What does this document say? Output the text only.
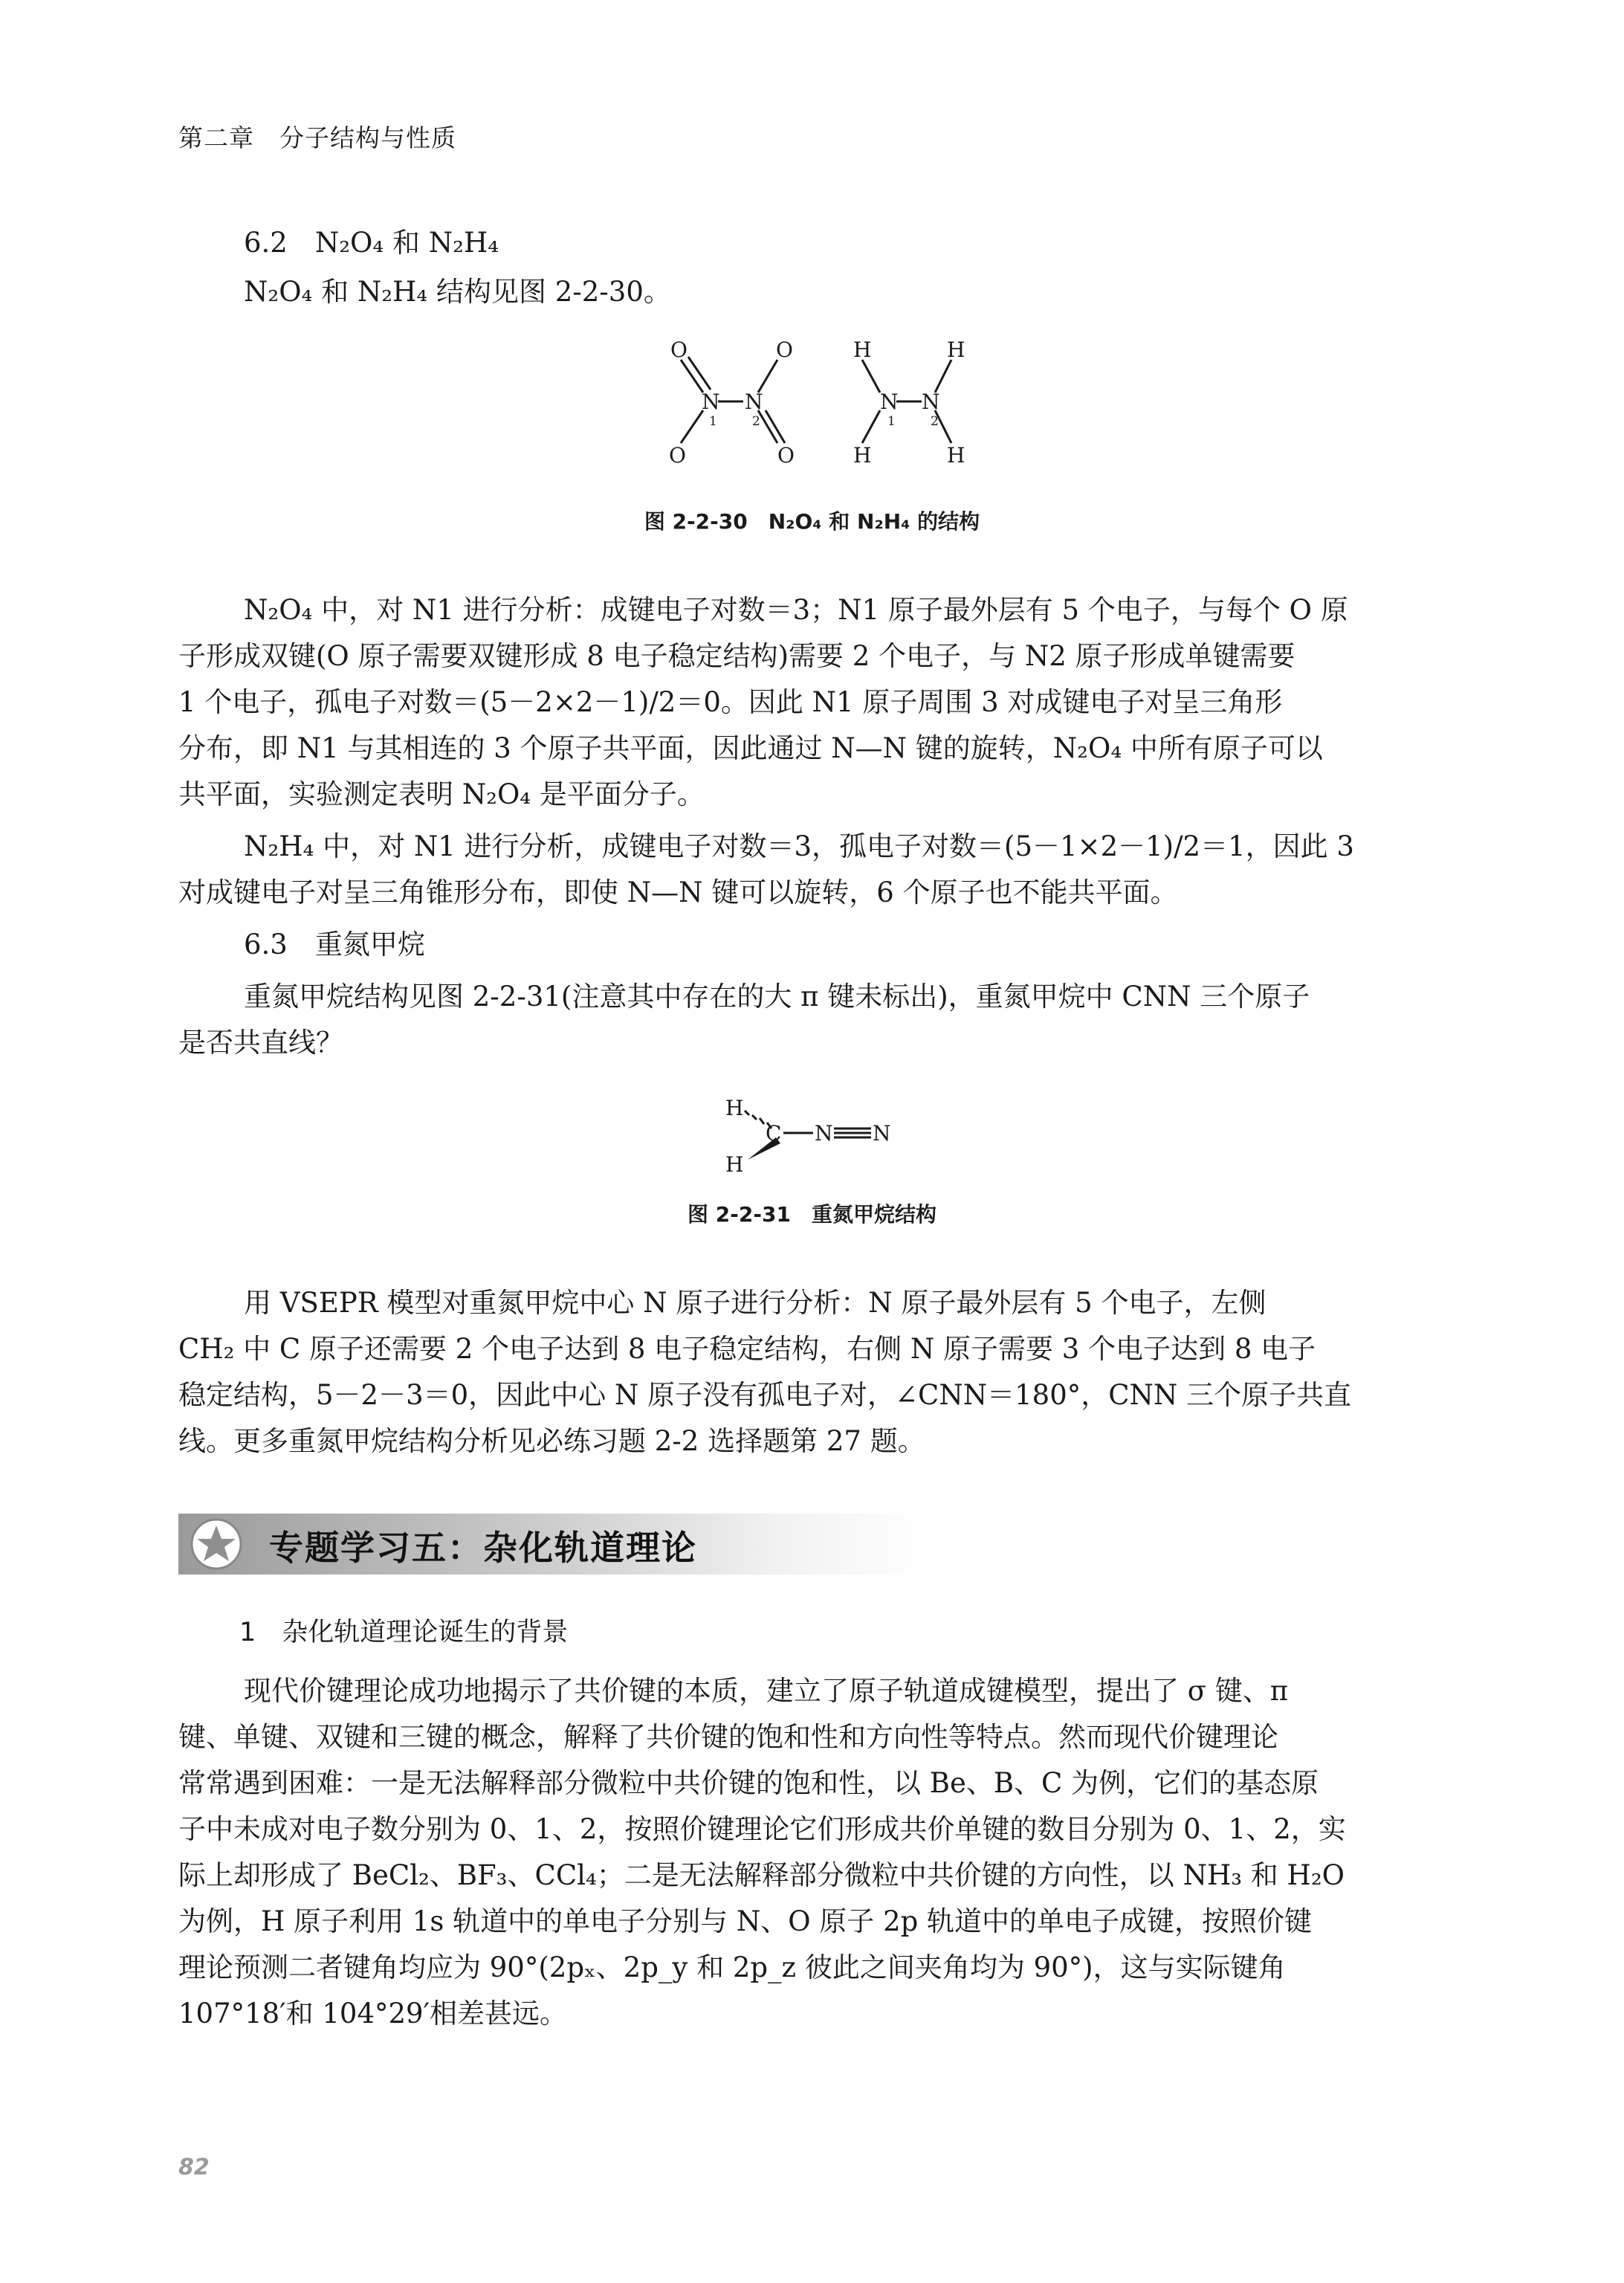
第二章　分子结构与性质
6.2　N₂O₄ 和 N₂H₄
N₂O₄ 和 N₂H₄ 结构见图 2-2-30。
O	O
N N
O	O
1	2
H	H
N N
H	H
1	2
图 2-2-30　N₂O₄ 和 N₂H₄ 的结构
N₂O₄ 中，对 N1 进行分析：成键电子对数＝3；N1 原子最外层有 5 个电子，与每个 O 原
子形成双键(O 原子需要双键形成 8 电子稳定结构)需要 2 个电子，与 N2 原子形成单键需要
1 个电子，孤电子对数＝(5－2×2－1)/2＝0。因此 N1 原子周围 3 对成键电子对呈三角形
分布，即 N1 与其相连的 3 个原子共平面，因此通过 N—N 键的旋转，N₂O₄ 中所有原子可以
共平面，实验测定表明 N₂O₄ 是平面分子。
N₂H₄ 中，对 N1 进行分析，成键电子对数＝3，孤电子对数＝(5－1×2－1)/2＝1，因此 3
对成键电子对呈三角锥形分布，即使 N—N 键可以旋转，6 个原子也不能共平面。
6.3　重氮甲烷
重氮甲烷结构见图 2-2-31(注意其中存在的大 π 键未标出)，重氮甲烷中 CNN 三个原子
是否共直线？
H
H
C N N
图 2-2-31　重氮甲烷结构
用 VSEPR 模型对重氮甲烷中心 N 原子进行分析：N 原子最外层有 5 个电子，左侧
CH₂ 中 C 原子还需要 2 个电子达到 8 电子稳定结构，右侧 N 原子需要 3 个电子达到 8 电子
稳定结构，5－2－3＝0，因此中心 N 原子没有孤电子对，∠CNN＝180°，CNN 三个原子共直
线。更多重氮甲烷结构分析见必练习题 2-2 选择题第 27 题。
专题学习五：杂化轨道理论
1　杂化轨道理论诞生的背景
现代价键理论成功地揭示了共价键的本质，建立了原子轨道成键模型，提出了 σ 键、π
键、单键、双键和三键的概念，解释了共价键的饱和性和方向性等特点。然而现代价键理论
常常遇到困难：一是无法解释部分微粒中共价键的饱和性，以 Be、B、C 为例，它们的基态原
子中未成对电子数分别为 0、1、2，按照价键理论它们形成共价单键的数目分别为 0、1、2，实
际上却形成了 BeCl₂、BF₃、CCl₄；二是无法解释部分微粒中共价键的方向性，以 NH₃ 和 H₂O
为例，H 原子利用 1s 轨道中的单电子分别与 N、O 原子 2p 轨道中的单电子成键，按照价键
理论预测二者键角均应为 90°(2pₓ、2p_y 和 2p_z 彼此之间夹角均为 90°)，这与实际键角
107°18′和 104°29′相差甚远。
82
